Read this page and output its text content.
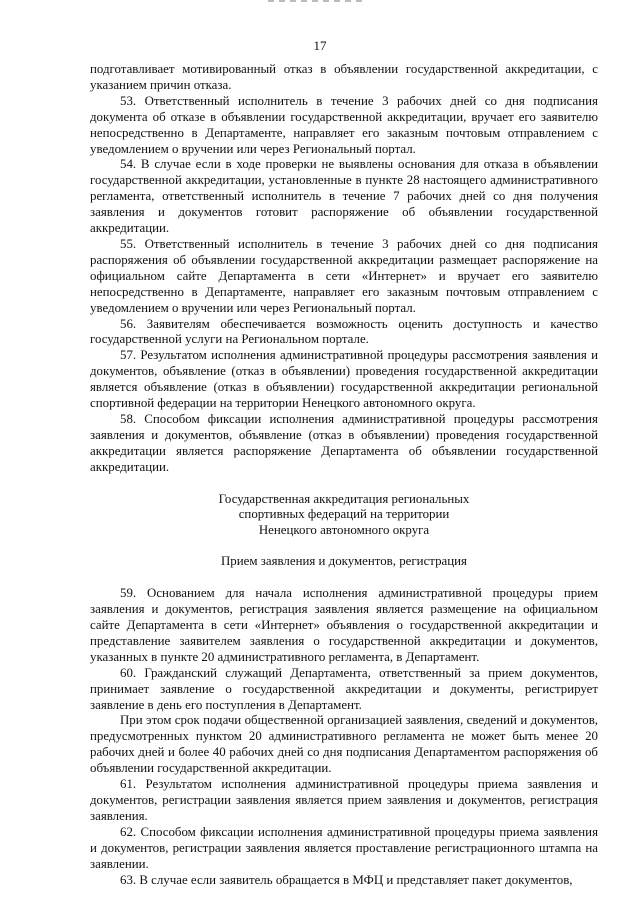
17

подготавливает мотивированный отказ в объявлении государственной аккредитации, с указанием причин отказа.

53. Ответственный исполнитель в течение 3 рабочих дней со дня подписания документа об отказе в объявлении государственной аккредитации, вручает его заявителю непосредственно в Департаменте, направляет его заказным почтовым отправлением с уведомлением о вручении или через Региональный портал.

54. В случае если в ходе проверки не выявлены основания для отказа в объявлении государственной аккредитации, установленные в пункте 28 настоящего административного регламента, ответственный исполнитель в течение 7 рабочих дней со дня получения заявления и документов готовит распоряжение об объявлении государственной аккредитации.

55. Ответственный исполнитель в течение 3 рабочих дней со дня подписания распоряжения об объявлении государственной аккредитации размещает распоряжение на официальном сайте Департамента в сети «Интернет» и вручает его заявителю непосредственно в Департаменте, направляет его заказным почтовым отправлением с уведомлением о вручении или через Региональный портал.

56. Заявителям обеспечивается возможность оценить доступность и качество государственной услуги на Региональном портале.

57. Результатом исполнения административной процедуры рассмотрения заявления и документов, объявление (отказ в объявлении) проведения государственной аккредитации является объявление (отказ в объявлении) государственной аккредитации региональной спортивной федерации на территории Ненецкого автономного округа.

58. Способом фиксации исполнения административной процедуры рассмотрения заявления и документов, объявление (отказ в объявлении) проведения государственной аккредитации является распоряжение Департамента об объявлении государственной аккредитации.

Государственная аккредитация региональных
спортивных федераций на территории
Ненецкого автономного округа
Прием заявления и документов, регистрация

59. Основанием для начала исполнения административной процедуры прием заявления и документов, регистрация заявления является размещение на официальном сайте Департамента в сети «Интернет» объявления о государственной аккредитации и представление заявителем заявления о государственной аккредитации и документов, указанных в пункте 20 административного регламента, в Департамент.

60. Гражданский служащий Департамента, ответственный за прием документов, принимает заявление о государственной аккредитации и документы, регистрирует заявление в день его поступления в Департамент.

При этом срок подачи общественной организацией заявления, сведений и документов, предусмотренных пунктом 20 административного регламента не может быть менее 20 рабочих дней и более 40 рабочих дней со дня подписания Департаментом распоряжения об объявлении государственной аккредитации.

61. Результатом исполнения административной процедуры приема заявления и документов, регистрации заявления является прием заявления и документов, регистрация заявления.

62. Способом фиксации исполнения административной процедуры приема заявления и документов, регистрации заявления является проставление регистрационного штампа на заявлении.

63. В случае если заявитель обращается в МФЦ и представляет пакет документов,
